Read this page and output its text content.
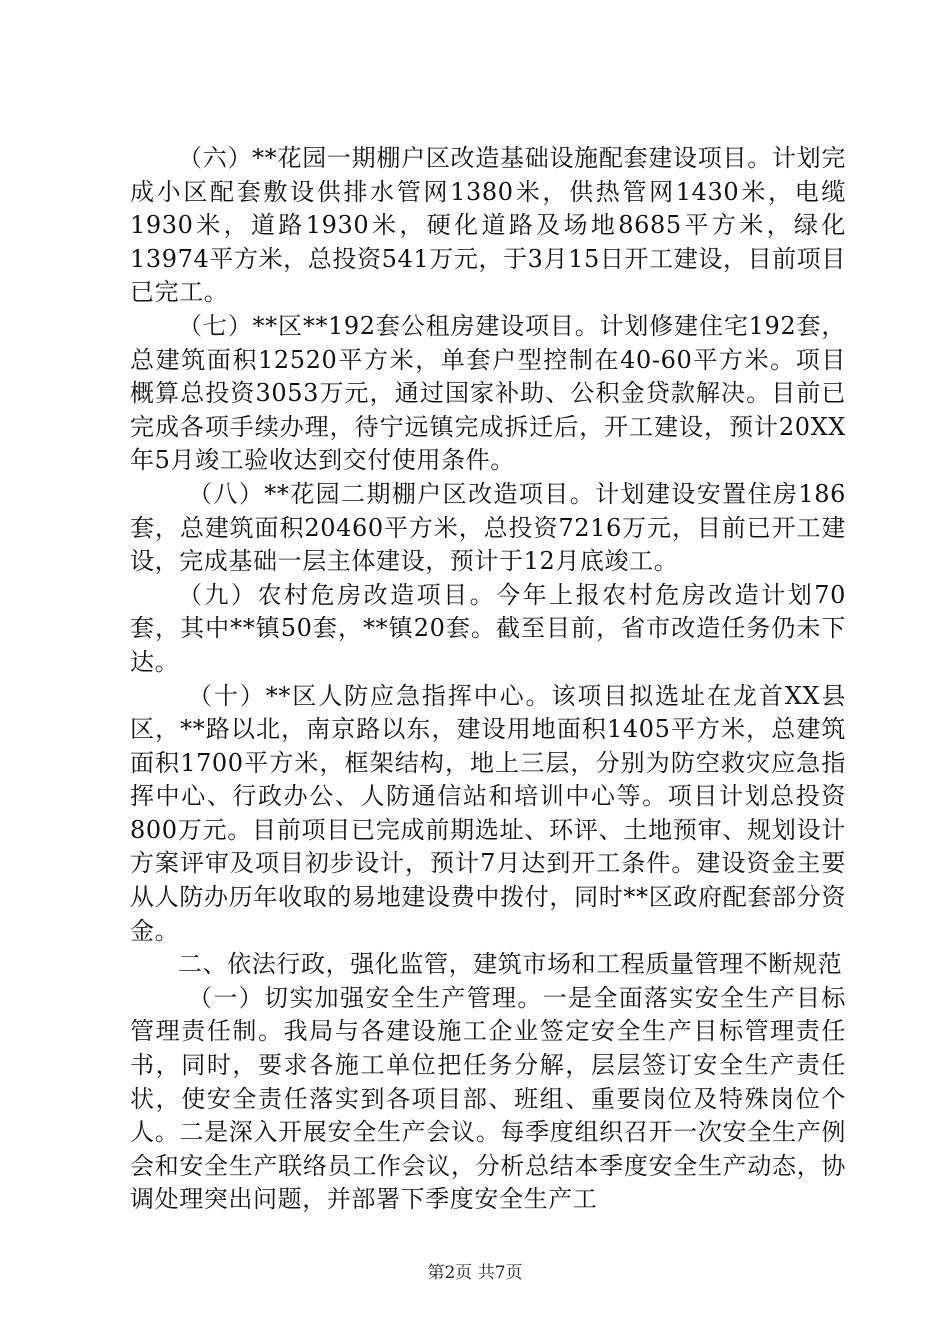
（六）**花园一期棚户区改造基础设施配套建设项目。计划完成小区配套敷设供排水管网1380米，供热管网1430米，电缆1930米，道路1930米，硬化道路及场地8685平方米，绿化13974平方米，总投资541万元，于3月15日开工建设，目前项目已完工。

（七）**区**192套公租房建设项目。计划修建住宅192套，总建筑面积12520平方米，单套户型控制在40-60平方米。项目概算总投资3053万元，通过国家补助、公积金贷款解决。目前已完成各项手续办理，待宁远镇完成拆迁后，开工建设，预计20XX年5月竣工验收达到交付使用条件。

（八）**花园二期棚户区改造项目。计划建设安置住房186套，总建筑面积20460平方米，总投资7216万元，目前已开工建设，完成基础一层主体建设，预计于12月底竣工。

（九）农村危房改造项目。今年上报农村危房改造计划70套，其中**镇50套，**镇20套。截至目前，省市改造任务仍未下达。

（十）**区人防应急指挥中心。该项目拟选址在龙首XX县区，**路以北，南京路以东，建设用地面积1405平方米，总建筑面积1700平方米，框架结构，地上三层，分别为防空救灾应急指挥中心、行政办公、人防通信站和培训中心等。项目计划总投资800万元。目前项目已完成前期选址、环评、土地预审、规划设计方案评审及项目初步设计，预计7月达到开工条件。建设资金主要从人防办历年收取的易地建设费中拨付，同时**区政府配套部分资金。

二、依法行政，强化监管，建筑市场和工程质量管理不断规范

（一）切实加强安全生产管理。一是全面落实安全生产目标管理责任制。我局与各建设施工企业签定安全生产目标管理责任书，同时，要求各施工单位把任务分解，层层签订安全生产责任状，使安全责任落实到各项目部、班组、重要岗位及特殊岗位个人。二是深入开展安全生产会议。每季度组织召开一次安全生产例会和安全生产联络员工作会议，分析总结本季度安全生产动态，协调处理突出问题，并部署下季度安全生产工

第2页 共7页
